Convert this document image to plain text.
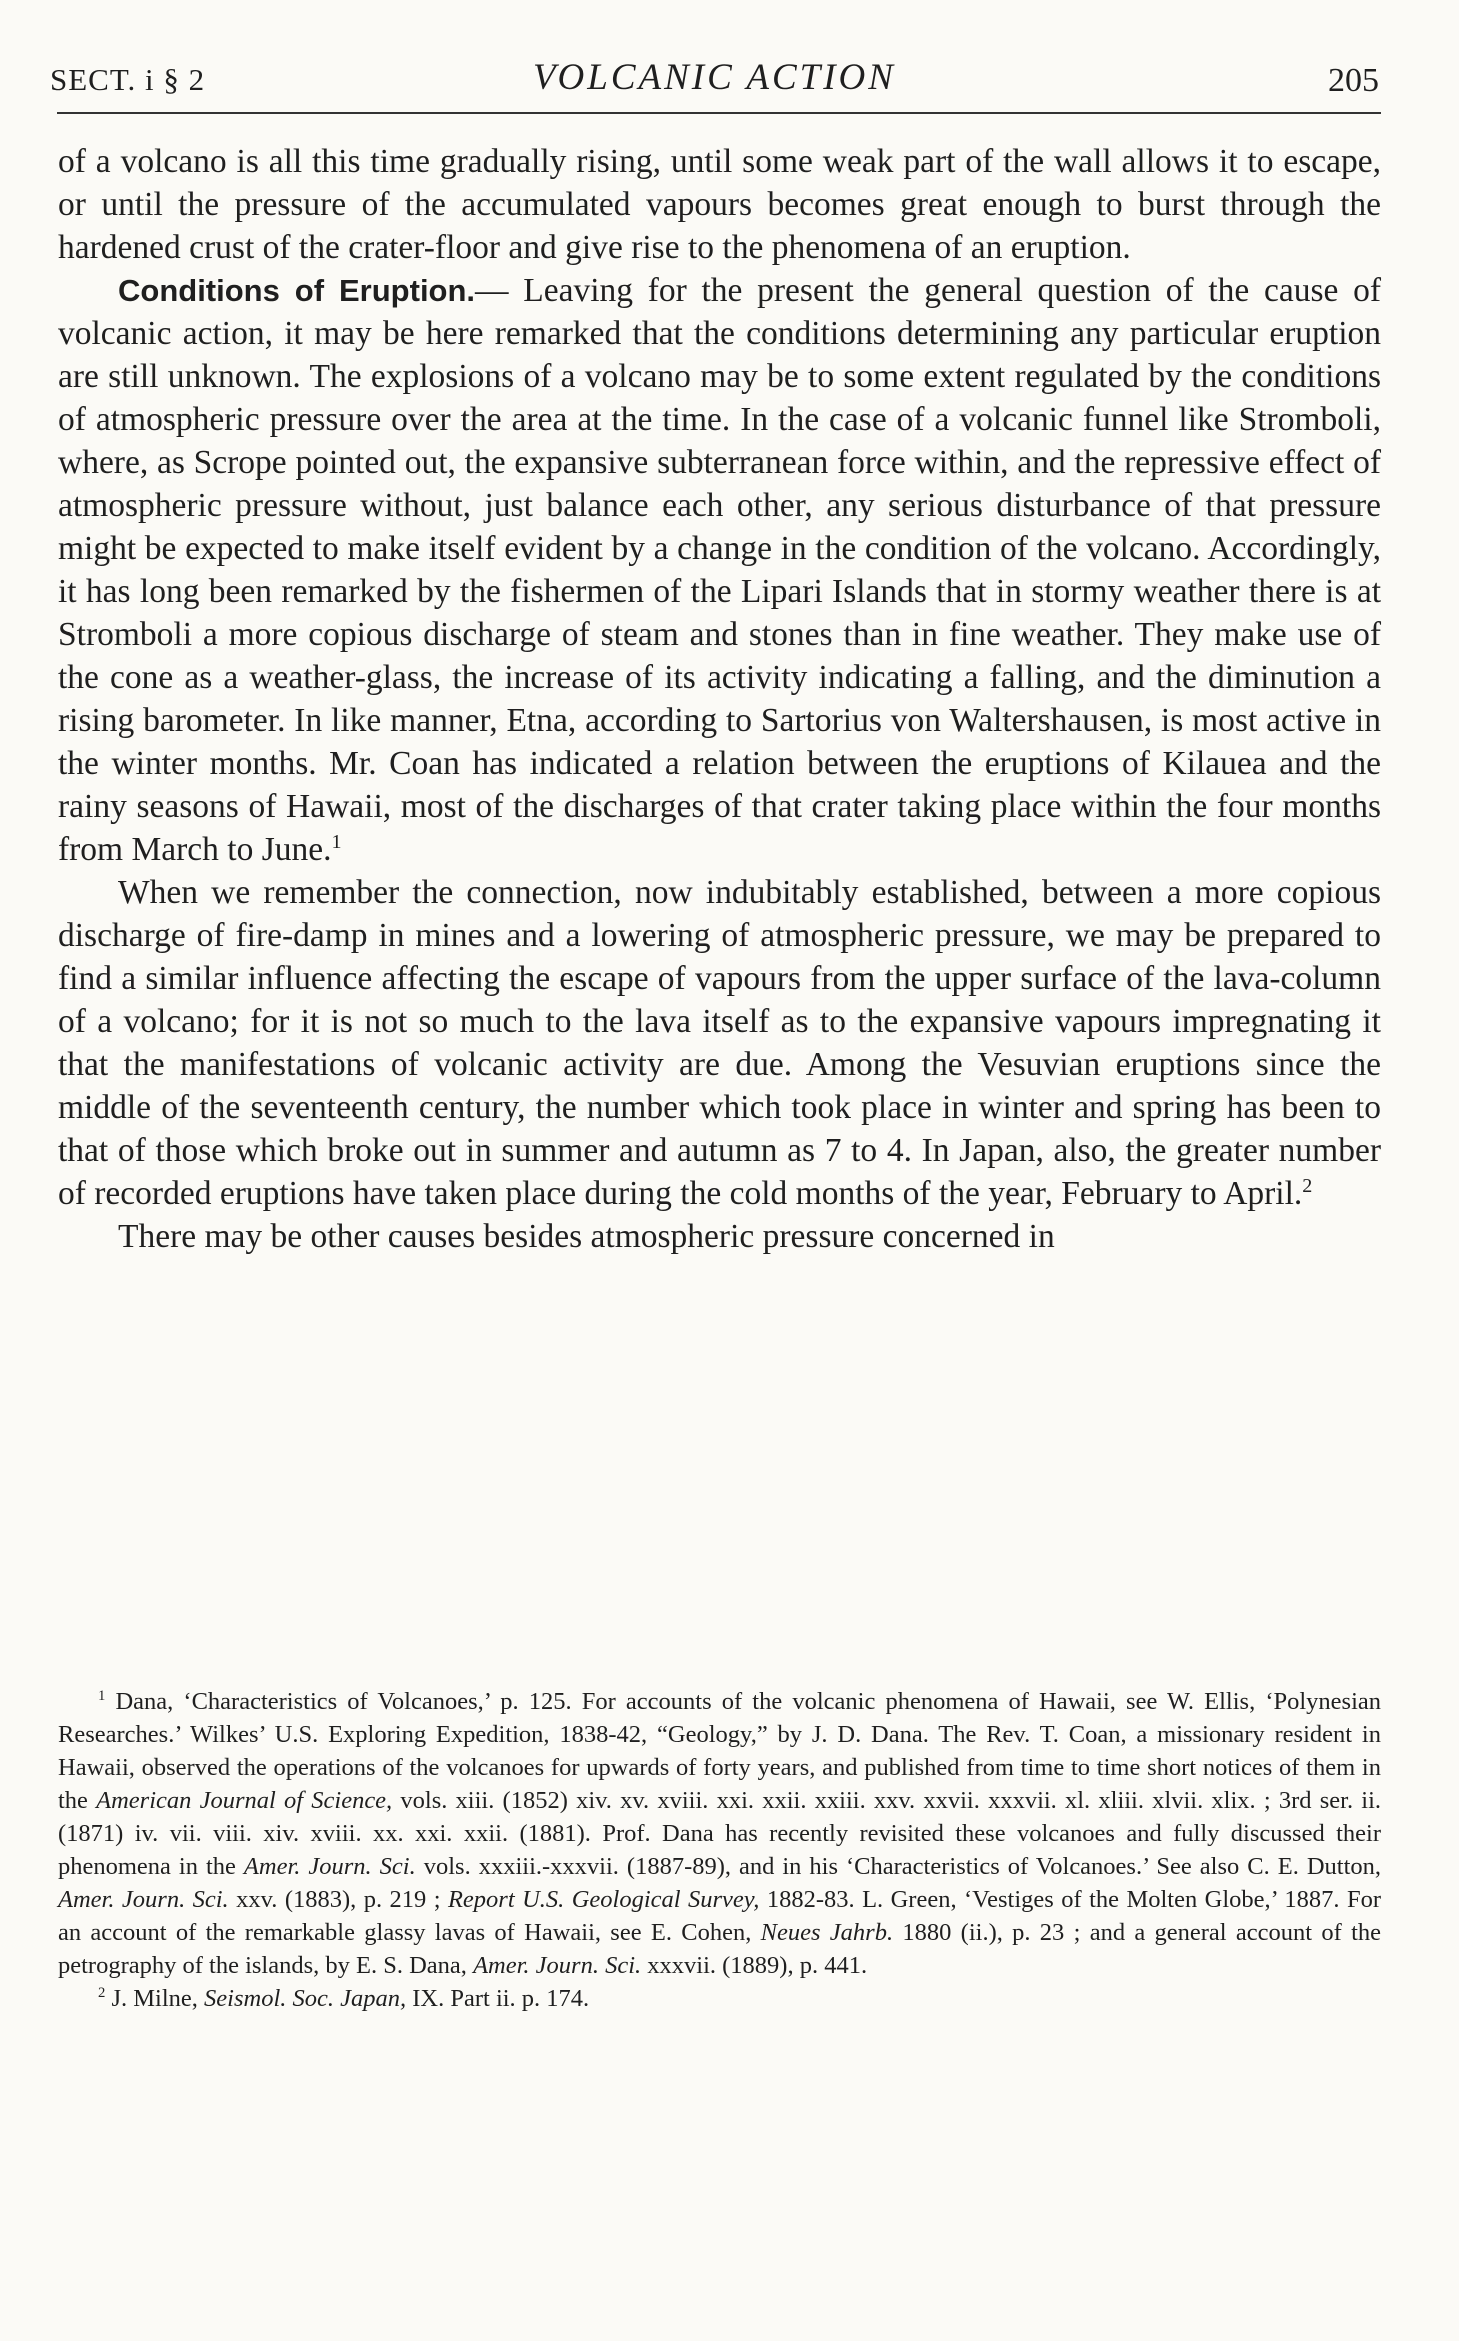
SECT. i § 2	VOLCANIC ACTION	205

of a volcano is all this time gradually rising, until some weak part of the wall allows it to escape, or until the pressure of the accumulated vapours becomes great enough to burst through the hardened crust of the crater-floor and give rise to the phenomena of an eruption.

Conditions of Eruption.— Leaving for the present the general question of the cause of volcanic action, it may be here remarked that the conditions determining any particular eruption are still unknown. The explosions of a volcano may be to some extent regulated by the conditions of atmospheric pressure over the area at the time. In the case of a volcanic funnel like Stromboli, where, as Scrope pointed out, the expansive subterranean force within, and the repressive effect of atmospheric pressure without, just balance each other, any serious disturbance of that pressure might be expected to make itself evident by a change in the condition of the volcano. Accordingly, it has long been remarked by the fishermen of the Lipari Islands that in stormy weather there is at Stromboli a more copious discharge of steam and stones than in fine weather. They make use of the cone as a weather-glass, the increase of its activity indicating a falling, and the diminution a rising barometer. In like manner, Etna, according to Sartorius von Waltershausen, is most active in the winter months. Mr. Coan has indicated a relation between the eruptions of Kilauea and the rainy seasons of Hawaii, most of the discharges of that crater taking place within the four months from March to June.$^1$

When we remember the connection, now indubitably established, between a more copious discharge of fire-damp in mines and a lowering of atmospheric pressure, we may be prepared to find a similar influence affecting the escape of vapours from the upper surface of the lava-column of a volcano; for it is not so much to the lava itself as to the expansive vapours impregnating it that the manifestations of volcanic activity are due. Among the Vesuvian eruptions since the middle of the seventeenth century, the number which took place in winter and spring has been to that of those which broke out in summer and autumn as 7 to 4. In Japan, also, the greater number of recorded eruptions have taken place during the cold months of the year, February to April.$^2$

There may be other causes besides atmospheric pressure concerned in

$^1$ Dana, ‘Characteristics of Volcanoes,’ p. 125. For accounts of the volcanic phenomena of Hawaii, see W. Ellis, ‘Polynesian Researches.’ Wilkes’ U.S. Exploring Expedition, 1838-42, “Geology,” by J. D. Dana. The Rev. T. Coan, a missionary resident in Hawaii, observed the operations of the volcanoes for upwards of forty years, and published from time to time short notices of them in the American Journal of Science, vols. xiii. (1852) xiv. xv. xviii. xxi. xxii. xxiii. xxv. xxvii. xxxvii. xl. xliii. xlvii. xlix. ; 3rd ser. ii. (1871) iv. vii. viii. xiv. xviii. xx. xxi. xxii. (1881). Prof. Dana has recently revisited these volcanoes and fully discussed their phenomena in the Amer. Journ. Sci. vols. xxxiii.-xxxvii. (1887-89), and in his ‘Characteristics of Volcanoes.’ See also C. E. Dutton, Amer. Journ. Sci. xxv. (1883), p. 219 ; Report U.S. Geological Survey, 1882-83. L. Green, ‘Vestiges of the Molten Globe,’ 1887. For an account of the remarkable glassy lavas of Hawaii, see E. Cohen, Neues Jahrb. 1880 (ii.), p. 23 ; and a general account of the petrography of the islands, by E. S. Dana, Amer. Journ. Sci. xxxvii. (1889), p. 441.

$^2$ J. Milne, Seismol. Soc. Japan, IX. Part ii. p. 174.
